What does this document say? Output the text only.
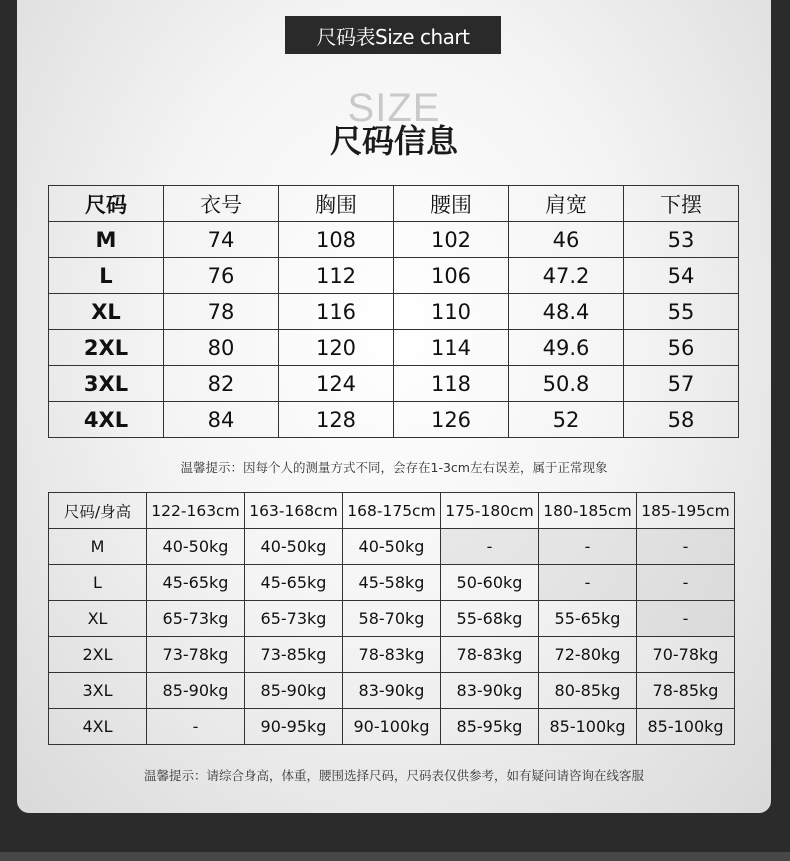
尺码表Size chart
SIZE
尺码信息
尺码	衣号	胸围	腰围	肩宽	下摆
M	74	108	102	46	53
L	76	112	106	47.2	54
XL	78	116	110	48.4	55
2XL	80	120	114	49.6	56
3XL	82	124	118	50.8	57
4XL	84	128	126	52	58
温馨提示：因每个人的测量方式不同，会存在1-3cm左右误差，属于正常现象
尺码/身高	122-163cm	163-168cm	168-175cm	175-180cm	180-185cm	185-195cm
M	40-50kg	40-50kg	40-50kg	-	-	-
L	45-65kg	45-65kg	45-58kg	50-60kg	-	-
XL	65-73kg	65-73kg	58-70kg	55-68kg	55-65kg	-
2XL	73-78kg	73-85kg	78-83kg	78-83kg	72-80kg	70-78kg
3XL	85-90kg	85-90kg	83-90kg	83-90kg	80-85kg	78-85kg
4XL	-	90-95kg	90-100kg	85-95kg	85-100kg	85-100kg
温馨提示：请综合身高，体重，腰围选择尺码，尺码表仅供参考，如有疑问请咨询在线客服
